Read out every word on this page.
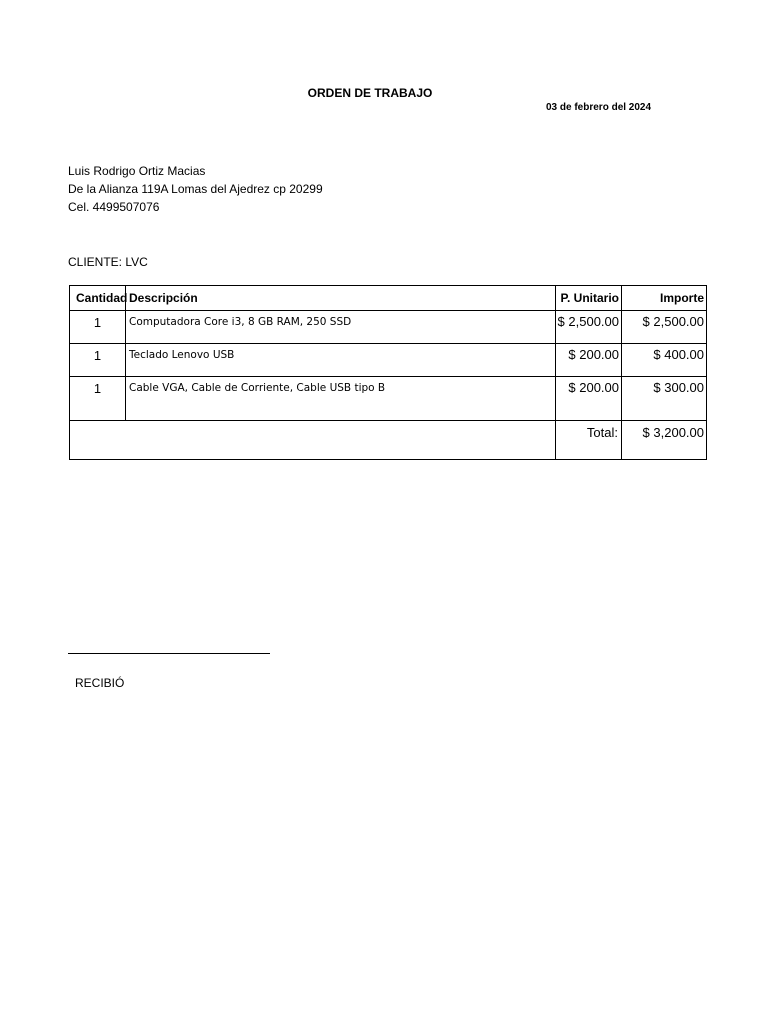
ORDEN DE TRABAJO
03 de febrero del 2024
Luis Rodrigo Ortiz Macias
De la Alianza 119A Lomas del Ajedrez cp 20299
Cel. 4499507076
CLIENTE: LVC
Cantidad	Descripción	P. Unitario	Importe
1	Computadora Core i3, 8 GB RAM, 250 SSD	$ 2,500.00	$ 2,500.00
1	Teclado Lenovo USB	$ 200.00	$ 400.00
1	Cable VGA, Cable de Corriente, Cable USB tipo B	$ 200.00	$ 300.00
		Total:	$ 3,200.00
RECIBIÓ
